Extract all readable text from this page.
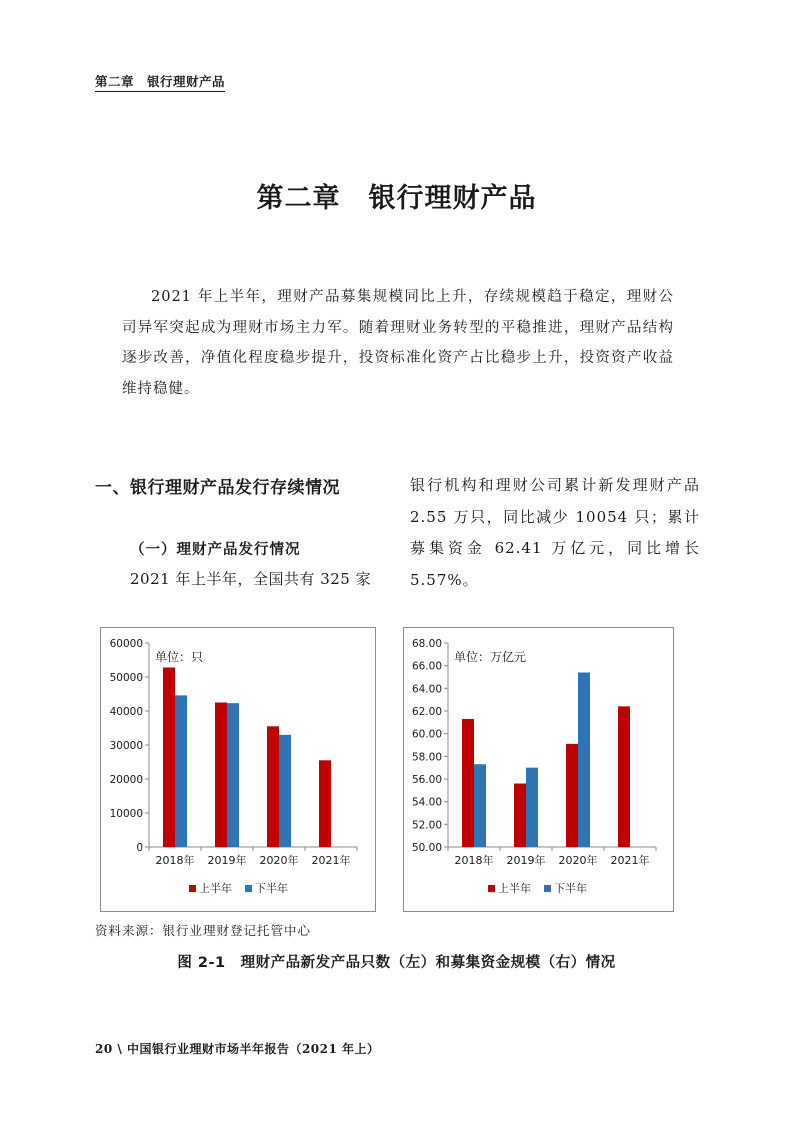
第二章　银行理财产品
第二章　银行理财产品

2021 年上半年，理财产品募集规模同比上升，存续规模趋于稳定，理财公司异军突起成为理财市场主力军。随着理财业务转型的平稳推进，理财产品结构逐步改善，净值化程度稳步提升，投资标准化资产占比稳步上升，投资资产收益维持稳健。

一、银行理财产品发行存续情况
（一）理财产品发行情况
2021 年上半年，全国共有 325 家

银行机构和理财公司累计新发理财产品 2.55 万只，同比减少 10054 只；累计募集资金 62.41 万亿元，同比增长 5.57%。

0
10000
20000
30000
40000
50000
60000
2018年 2019年 2020年 2021年
单位：只
上半年 下半年
50.00
52.00
54.00
56.00
58.00
60.00
62.00
64.00
66.00
68.00
2018年 2019年 2020年 2021年
单位：万亿元
上半年 下半年
资料来源：银行业理财登记托管中心
图 2-1　理财产品新发产品只数（左）和募集资金规模（右）情况
20 \ 中国银行业理财市场半年报告（2021 年上）
